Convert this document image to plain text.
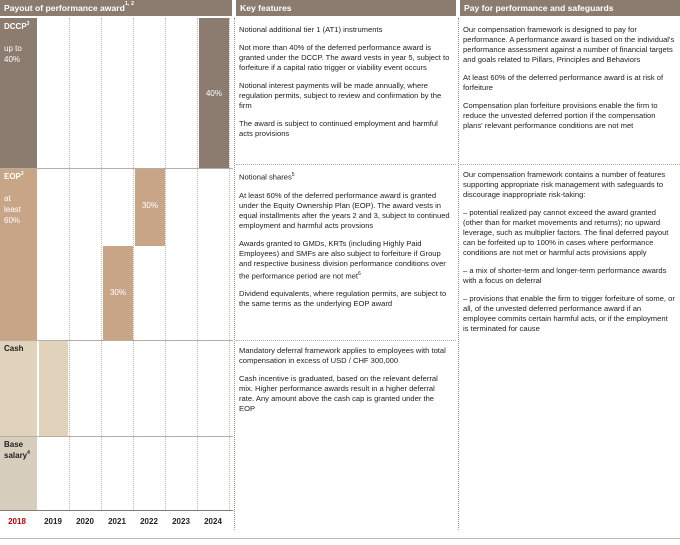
Payout of performance award$^{1, 2}$	Key features	Pay for performance and safeguards
DCCP$^3$

up to
40%
EOP$^3$

at
least
60%
Cash
Base
salary$^4$
40%
30%
30%
2018	2019	2020	2021	2022	2023	2024

Notional additional tier 1 (AT1) instruments

Not more than 40% of the deferred performance award is granted under the DCCP. The award vests in year 5, subject to forfeiture if a capital ratio trigger or viability event occurs

Notional interest payments will be made annually, where regulation permits, subject to review and confirmation by the firm

The award is subject to continued employment and harmful acts provisions

Notional shares$^5$

At least 60% of the deferred performance award is granted under the Equity Ownership Plan (EOP). The award vests in equal installments after the years 2 and 3, subject to continued employment and harmful acts provsions

Awards granted to GMDs, KRTs (including Highly Paid Employees) and SMFs are also subject to forfeiture if Group and respective business division performance conditions over the performance period are not met$^6$

Dividend equivalents, where regulation permits, are subject to the same terms as the underlying EOP award

Mandatory deferral framework applies to employees with total compensation in excess of USD / CHF 300,000

Cash incentive is graduated, based on the relevant deferral mix. Higher performance awards result in a higher deferral rate. Any amount above the cash cap is granted under the EOP

Our compensation framework is designed to pay for performance. A performance award is based on the individual's performance assessment against a number of financial targets and goals related to Pillars, Principles and Behaviors

At least 60% of the deferred performance award is at risk of forfeiture

Compensation plan forfeiture provisions enable the firm to reduce the unvested deferred portion if the compensation plans' relevant performance conditions are not met

Our compensation framework contains a number of features supporting appropriate risk management with safeguards to discourage inappropriate risk-taking:

– potential realized pay cannot exceed the award granted (other than for market movements and returns); no upward leverage, such as multiplier factors. The final deferred payout can be forfeited up to 100% in cases where performance conditions are not met or harmful acts provisions apply

– a mix of shorter-term and longer-term performance awards with a focus on deferral

– provisions that enable the firm to trigger forfeiture of some, or all, of the unvested deferred performance award if an employee commits certain harmful acts, or if the employment is terminated for cause
